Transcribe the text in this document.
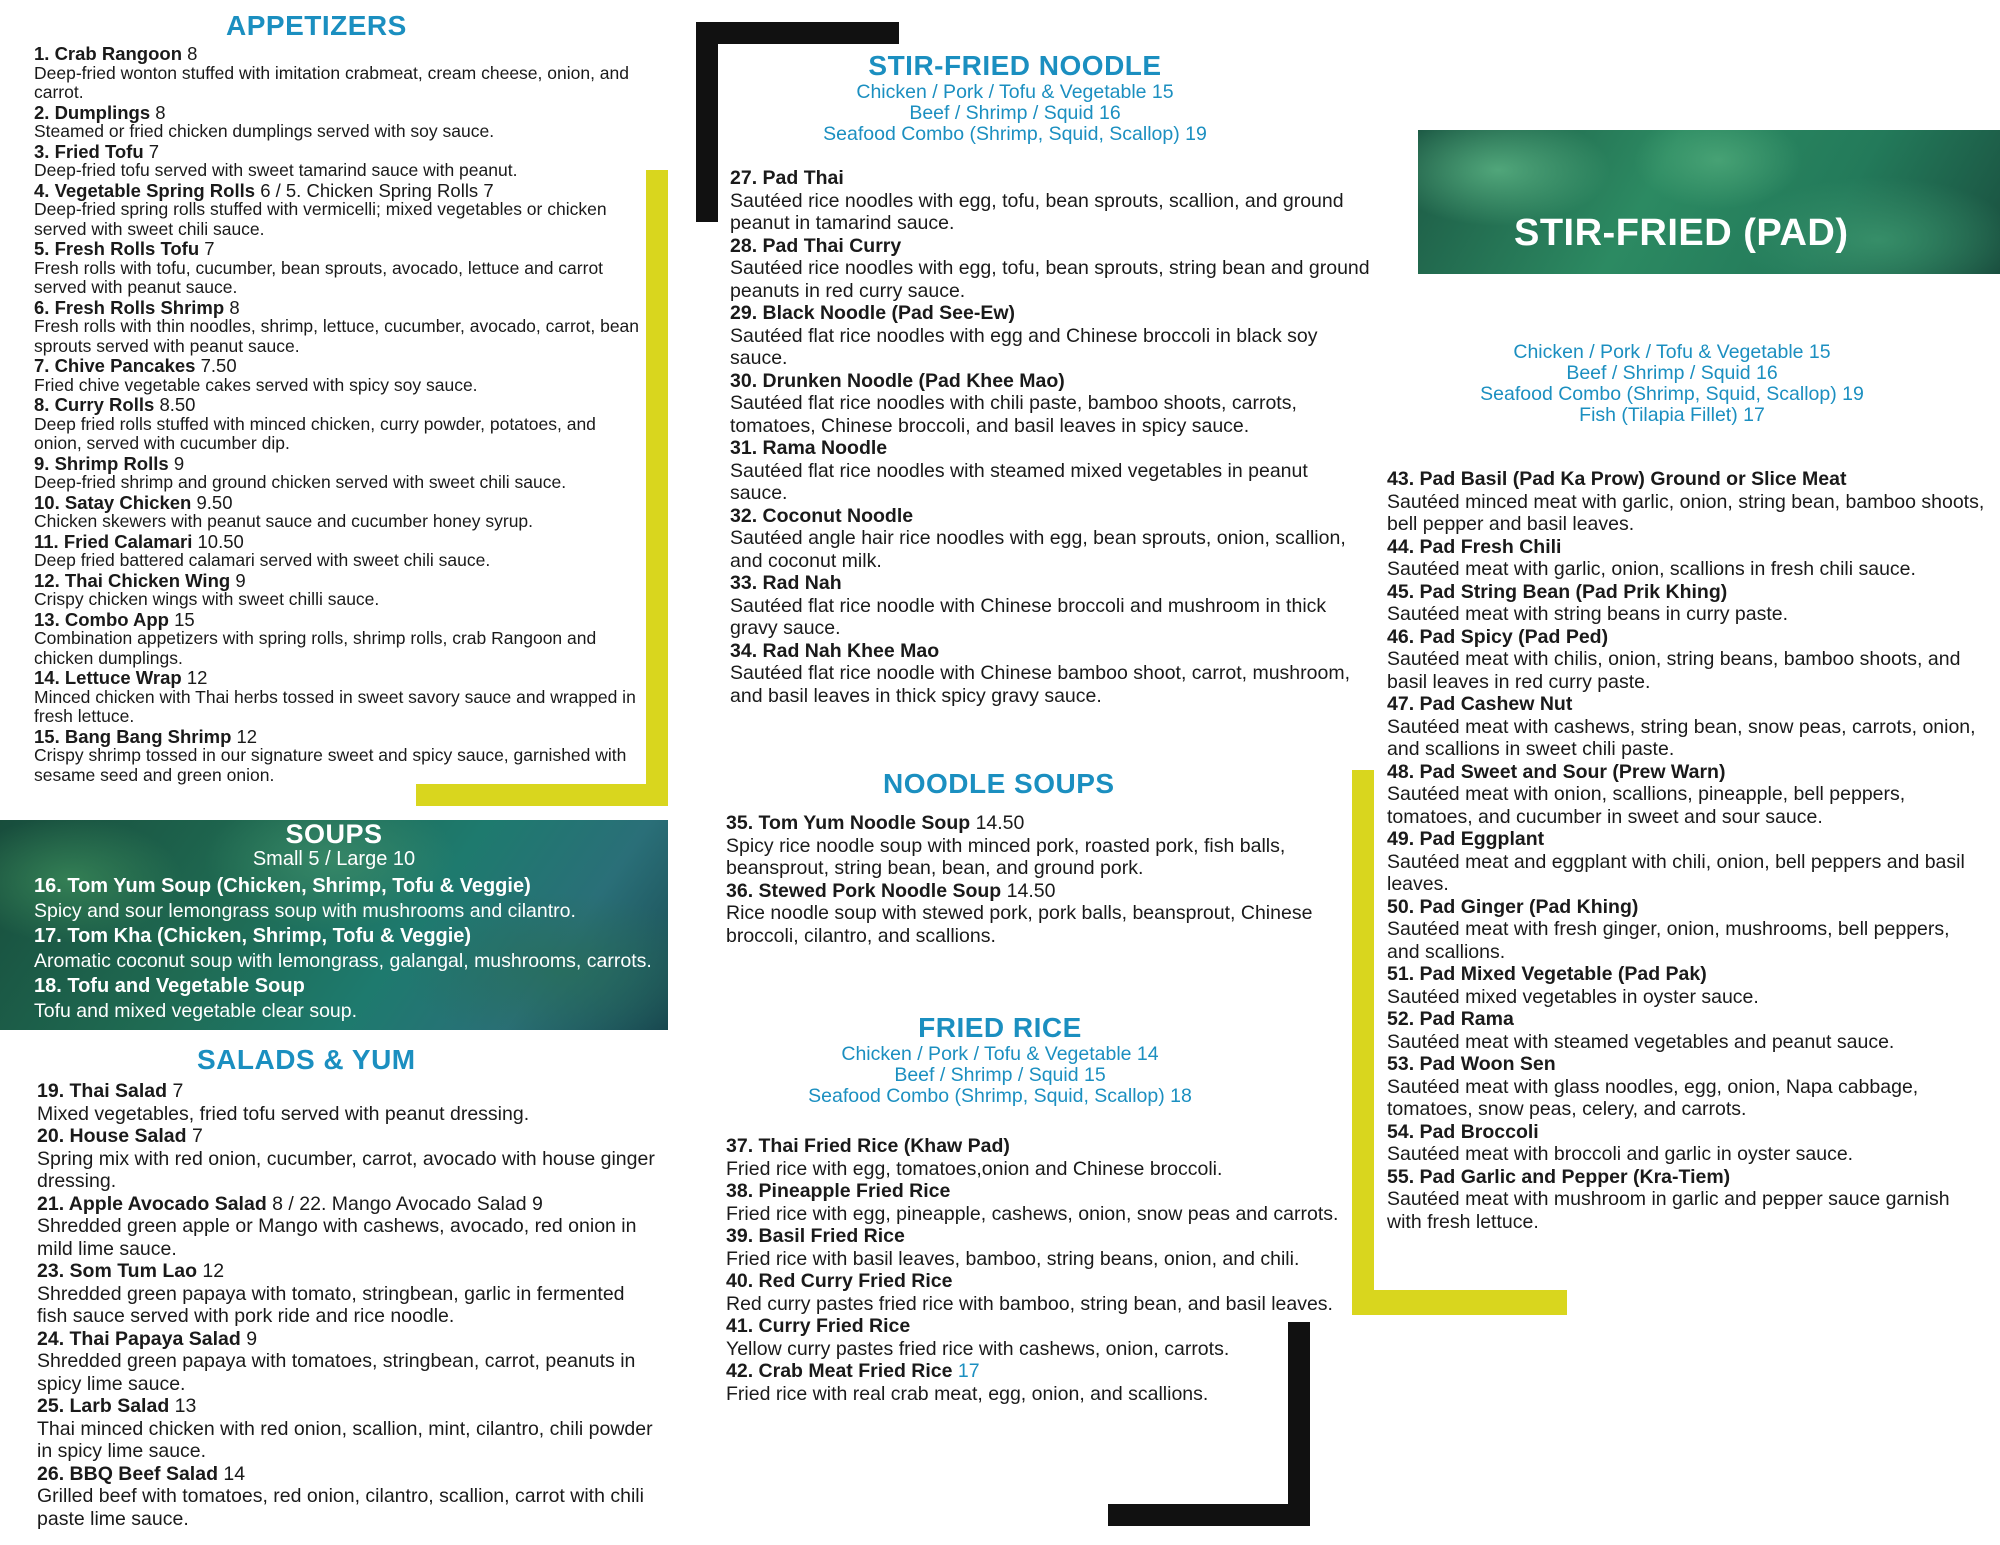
APPETIZERS
1. Crab Rangoon 8
Deep-fried wonton stuffed with imitation crabmeat, cream cheese, onion, and carrot.
2. Dumplings 8
Steamed or fried chicken dumplings served with soy sauce.
3. Fried Tofu 7
Deep-fried tofu served with sweet tamarind sauce with peanut.
4. Vegetable Spring Rolls 6 / 5. Chicken Spring Rolls 7
Deep-fried spring rolls stuffed with vermicelli; mixed vegetables or chicken served with sweet chili sauce.
5. Fresh Rolls Tofu 7
Fresh rolls with tofu, cucumber, bean sprouts, avocado, lettuce and carrot served with peanut sauce.
6. Fresh Rolls Shrimp 8
Fresh rolls with thin noodles, shrimp, lettuce, cucumber, avocado, carrot, bean sprouts served with peanut sauce.
7. Chive Pancakes 7.50
Fried chive vegetable cakes served with spicy soy sauce.
8. Curry Rolls 8.50
Deep fried rolls stuffed with minced chicken, curry powder, potatoes, and onion, served with cucumber dip.
9. Shrimp Rolls 9
Deep-fried shrimp and ground chicken served with sweet chili sauce.
10. Satay Chicken 9.50
Chicken skewers with peanut sauce and cucumber honey syrup.
11. Fried Calamari 10.50
Deep fried battered calamari served with sweet chili sauce.
12. Thai Chicken Wing 9
Crispy chicken wings with sweet chilli sauce.
13. Combo App 15
Combination appetizers with spring rolls, shrimp rolls, crab Rangoon and chicken dumplings.
14. Lettuce Wrap 12
Minced chicken with Thai herbs tossed in sweet savory sauce and wrapped in fresh lettuce.
15. Bang Bang Shrimp 12
Crispy shrimp tossed in our signature sweet and spicy sauce, garnished with sesame seed and green onion.
SOUPS
Small 5 / Large 10
16. Tom Yum Soup (Chicken, Shrimp, Tofu & Veggie)
Spicy and sour lemongrass soup with mushrooms and cilantro.
17. Tom Kha (Chicken, Shrimp, Tofu & Veggie)
Aromatic coconut soup with lemongrass, galangal, mushrooms, carrots.
18. Tofu and Vegetable Soup
Tofu and mixed vegetable clear soup.
SALADS & YUM
19. Thai Salad 7
Mixed vegetables, fried tofu served with peanut dressing.
20. House Salad 7
Spring mix with red onion, cucumber, carrot, avocado with house ginger dressing.
21. Apple Avocado Salad 8 / 22. Mango Avocado Salad 9
Shredded green apple or Mango with cashews, avocado, red onion in mild lime sauce.
23. Som Tum Lao 12
Shredded green papaya with tomato, stringbean, garlic in fermented fish sauce served with pork ride and rice noodle.
24. Thai Papaya Salad 9
Shredded green papaya with tomatoes, stringbean, carrot, peanuts in spicy lime sauce.
25. Larb Salad 13
Thai minced chicken with red onion, scallion, mint, cilantro, chili powder in spicy lime sauce.
26. BBQ Beef Salad 14
Grilled beef with tomatoes, red onion, cilantro, scallion, carrot with chili paste lime sauce.
STIR-FRIED NOODLE
Chicken / Pork / Tofu & Vegetable 15
Beef / Shrimp / Squid 16
Seafood Combo (Shrimp, Squid, Scallop) 19
27. Pad Thai
Sautéed rice noodles with egg, tofu, bean sprouts, scallion, and ground peanut in tamarind sauce.
28. Pad Thai Curry
Sautéed rice noodles with egg, tofu, bean sprouts, string bean and ground peanuts in red curry sauce.
29. Black Noodle (Pad See-Ew)
Sautéed flat rice noodles with egg and Chinese broccoli in black soy sauce.
30. Drunken Noodle (Pad Khee Mao)
Sautéed flat rice noodles with chili paste, bamboo shoots, carrots, tomatoes, Chinese broccoli, and basil leaves in spicy sauce.
31. Rama Noodle
Sautéed flat rice noodles with steamed mixed vegetables in peanut sauce.
32. Coconut Noodle
Sautéed angle hair rice noodles with egg, bean sprouts, onion, scallion, and coconut milk.
33. Rad Nah
Sautéed flat rice noodle with Chinese broccoli and mushroom in thick gravy sauce.
34. Rad Nah Khee Mao
Sautéed flat rice noodle with Chinese bamboo shoot, carrot, mushroom, and basil leaves in thick spicy gravy sauce.
NOODLE SOUPS
35. Tom Yum Noodle Soup 14.50
Spicy rice noodle soup with minced pork, roasted pork, fish balls, beansprout, string bean, bean, and ground pork.
36. Stewed Pork Noodle Soup 14.50
Rice noodle soup with stewed pork, pork balls, beansprout, Chinese broccoli, cilantro, and scallions.
FRIED RICE
Chicken / Pork / Tofu & Vegetable 14
Beef / Shrimp / Squid 15
Seafood Combo (Shrimp, Squid, Scallop) 18
37. Thai Fried Rice (Khaw Pad)
Fried rice with egg, tomatoes,onion and Chinese broccoli.
38. Pineapple Fried Rice
Fried rice with egg, pineapple, cashews, onion, snow peas and carrots.
39. Basil Fried Rice
Fried rice with basil leaves, bamboo, string beans, onion, and chili.
40. Red Curry Fried Rice
Red curry pastes fried rice with bamboo, string bean, and basil leaves.
41. Curry Fried Rice
Yellow curry pastes fried rice with cashews, onion, carrots.
42. Crab Meat Fried Rice 17
Fried rice with real crab meat, egg, onion, and scallions.
STIR-FRIED (PAD)
Chicken / Pork / Tofu & Vegetable 15
Beef / Shrimp / Squid 16
Seafood Combo (Shrimp, Squid, Scallop) 19
Fish (Tilapia Fillet) 17
43. Pad Basil (Pad Ka Prow) Ground or Slice Meat
Sautéed minced meat with garlic, onion, string bean, bamboo shoots, bell pepper and basil leaves.
44. Pad Fresh Chili
Sautéed meat with garlic, onion, scallions in fresh chili sauce.
45. Pad String Bean (Pad Prik Khing)
Sautéed meat with string beans in curry paste.
46. Pad Spicy (Pad Ped)
Sautéed meat with chilis, onion, string beans, bamboo shoots, and basil leaves in red curry paste.
47. Pad Cashew Nut
Sautéed meat with cashews, string bean, snow peas, carrots, onion, and scallions in sweet chili paste.
48. Pad Sweet and Sour (Prew Warn)
Sautéed meat with onion, scallions, pineapple, bell peppers, tomatoes, and cucumber in sweet and sour sauce.
49. Pad Eggplant
Sautéed meat and eggplant with chili, onion, bell peppers and basil leaves.
50. Pad Ginger (Pad Khing)
Sautéed meat with fresh ginger, onion, mushrooms, bell peppers, and scallions.
51. Pad Mixed Vegetable (Pad Pak)
Sautéed mixed vegetables in oyster sauce.
52. Pad Rama
Sautéed meat with steamed vegetables and peanut sauce.
53. Pad Woon Sen
Sautéed meat with glass noodles, egg, onion, Napa cabbage, tomatoes, snow peas, celery, and carrots.
54. Pad Broccoli
Sautéed meat with broccoli and garlic in oyster sauce.
55. Pad Garlic and Pepper (Kra-Tiem)
Sautéed meat with mushroom in garlic and pepper sauce garnish with fresh lettuce.
